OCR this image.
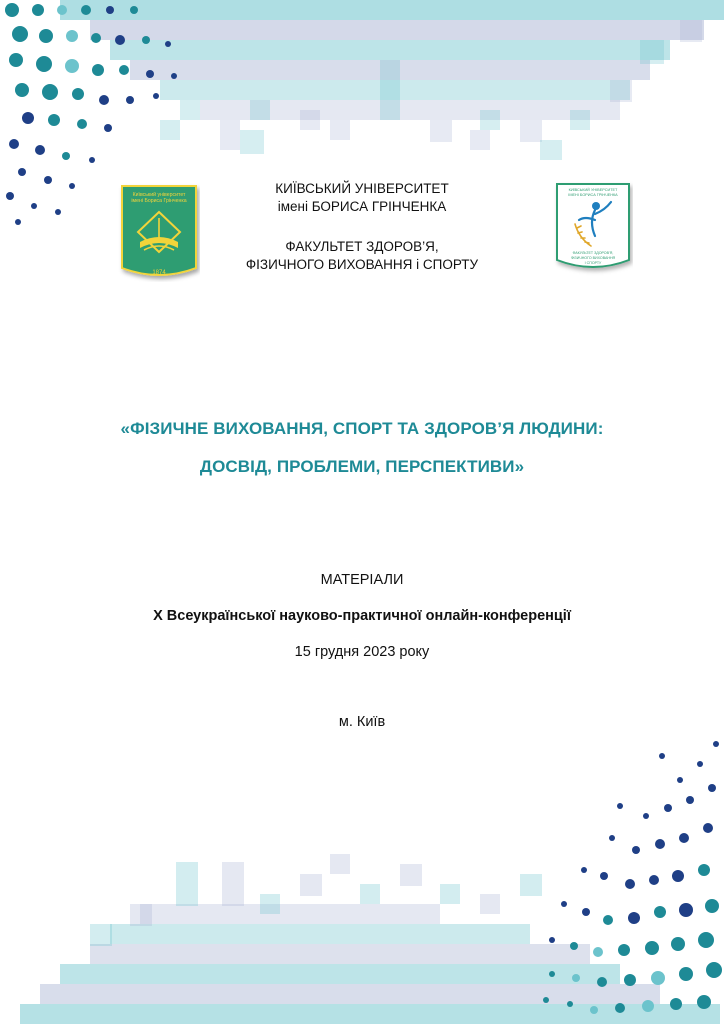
Київський університет
імені Бориса Грінченка
1874
КИЇВСЬКИЙ УНІВЕРСИТЕТ
імені БОРИСА ГРІНЧЕНКА
ФАКУЛЬТЕТ ЗДОРОВ’Я,
ФІЗИЧНОГО ВИХОВАННЯ і СПОРТУ
КИЇВСЬКИЙ УНІВЕРСИТЕТ
ІМЕНІ БОРИСА ГРІНЧЕНКА
ФАКУЛЬТЕТ ЗДОРОВ’Я,
ФІЗИЧНОГО ВИХОВАННЯ
І СПОРТУ
«ФІЗИЧНЕ ВИХОВАННЯ, СПОРТ ТА ЗДОРОВ’Я ЛЮДИНИ:
ДОСВІД, ПРОБЛЕМИ, ПЕРСПЕКТИВИ»
МАТЕРІАЛИ
X Всеукраїнської науково-практичної онлайн-конференції
15 грудня 2023 року
м. Київ
